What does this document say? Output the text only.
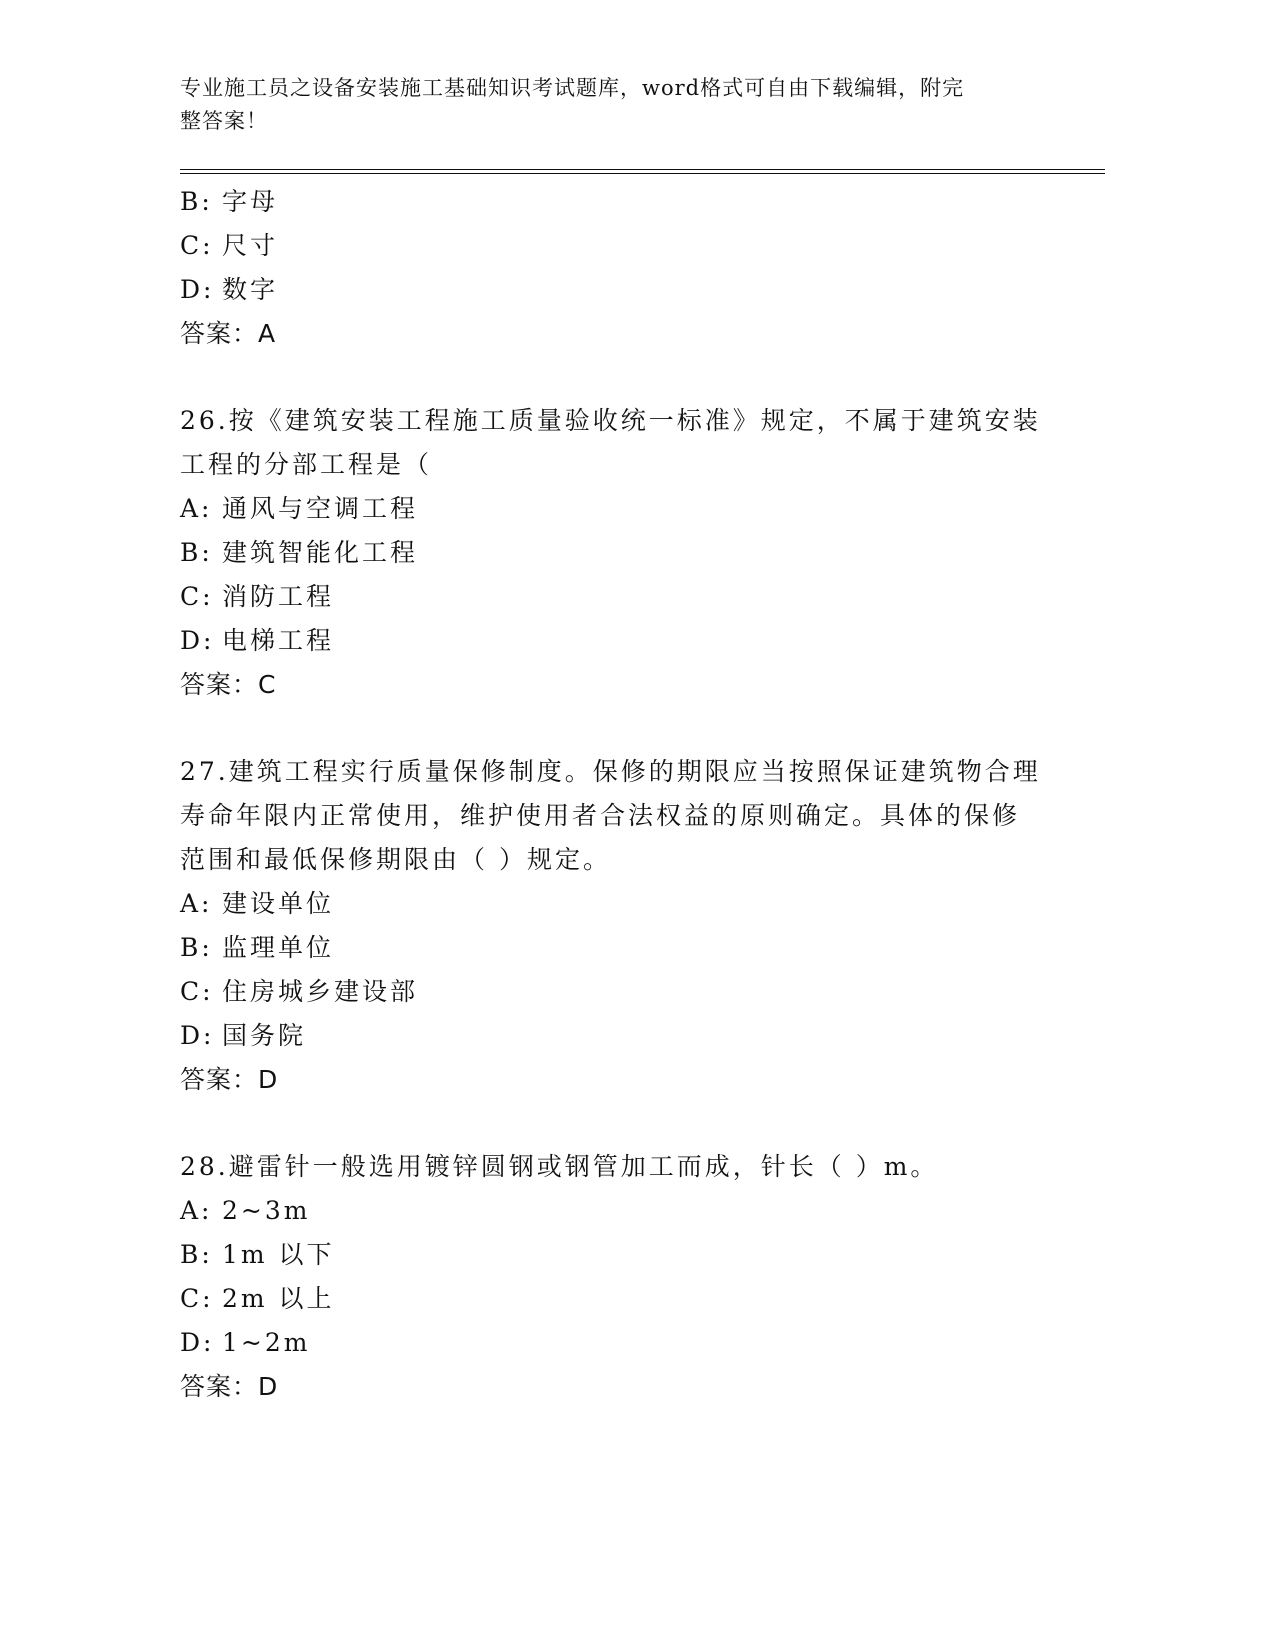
专业施工员之设备安装施工基础知识考试题库，word格式可自由下载编辑，附完
整答案！
B: 字母
C: 尺寸
D: 数字
答案：A
26.按《建筑安装工程施工质量验收统一标准》规定，不属于建筑安装
工程的分部工程是（
A: 通风与空调工程
B: 建筑智能化工程
C: 消防工程
D: 电梯工程
答案：C
27.建筑工程实行质量保修制度。保修的期限应当按照保证建筑物合理
寿命年限内正常使用，维护使用者合法权益的原则确定。具体的保修
范围和最低保修期限由（ ）规定。
A: 建设单位
B: 监理单位
C: 住房城乡建设部
D: 国务院
答案：D
28.避雷针一般选用镀锌圆钢或钢管加工而成，针长（ ）m。
A: 2~3m
B: 1m 以下
C: 2m 以上
D: 1~2m
答案：D
